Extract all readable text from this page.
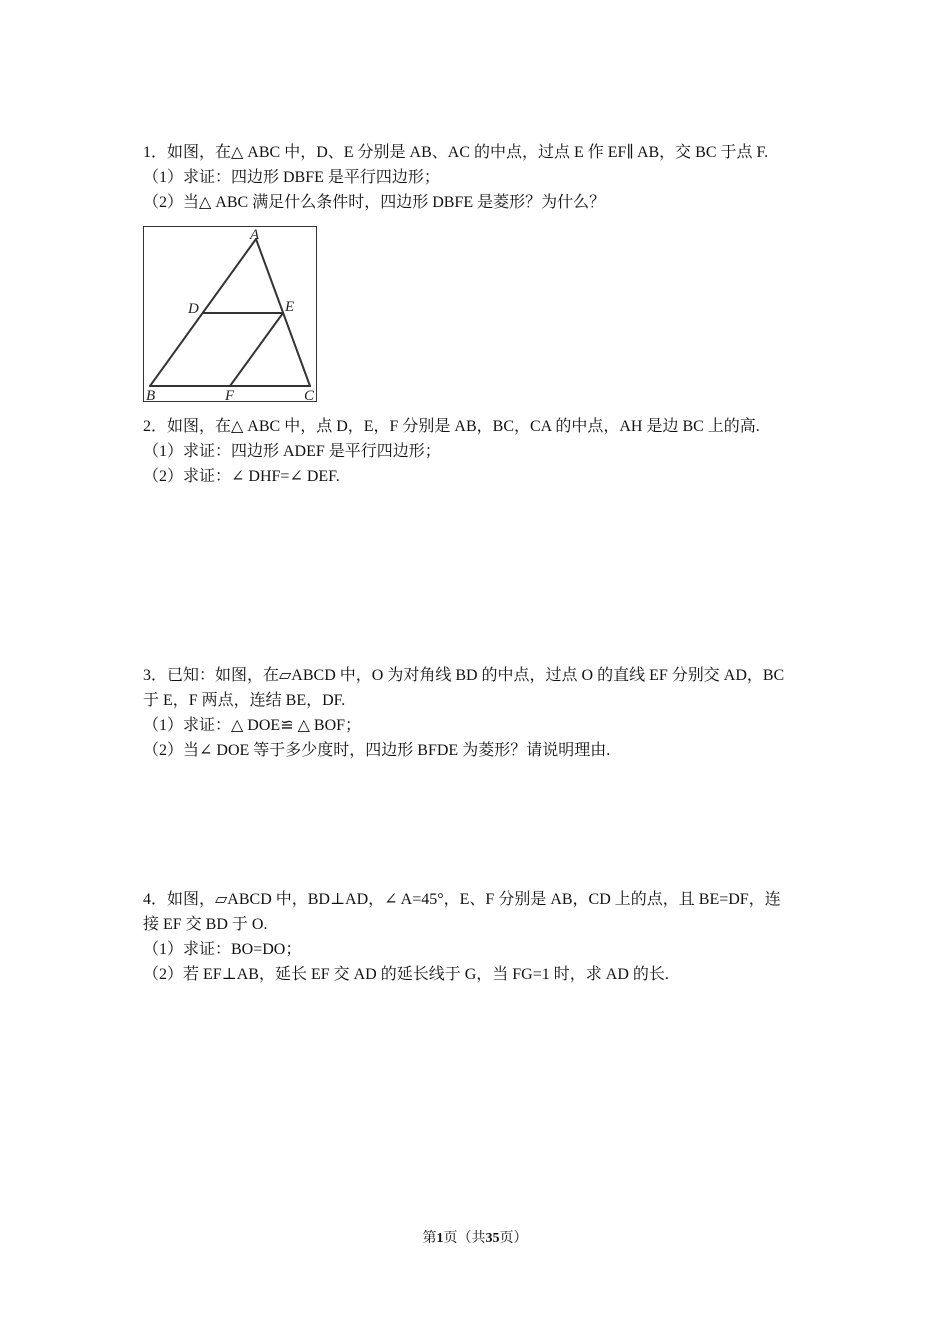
1．如图，在△ ABC 中，D、E 分别是 AB、AC 的中点，过点 E 作 EF∥ AB，交 BC 于点 F.
（1）求证：四边形 DBFE 是平行四边形；
（2）当△ ABC 满足什么条件时，四边形 DBFE 是菱形？为什么？
A
B	C
D	E
F
2．如图，在△ ABC 中，点 D，E，F 分别是 AB，BC，CA 的中点，AH 是边 BC 上的高.
（1）求证：四边形 ADEF 是平行四边形；
（2）求证：∠ DHF=∠ DEF.
3．已知：如图，在▱ABCD 中，O 为对角线 BD 的中点，过点 O 的直线 EF 分别交 AD，BC
于 E，F 两点，连结 BE，DF.
（1）求证：△ DOE≌ △ BOF；
（2）当∠ DOE 等于多少度时，四边形 BFDE 为菱形？请说明理由.
4．如图，▱ABCD 中，BD⊥AD，∠ A=45°，E、F 分别是 AB，CD 上的点，且 BE=DF，连
接 EF 交 BD 于 O.
（1）求证：BO=DO；
（2）若 EF⊥AB，延长 EF 交 AD 的延长线于 G，当 FG=1 时，求 AD 的长.
第1页（共35页）
